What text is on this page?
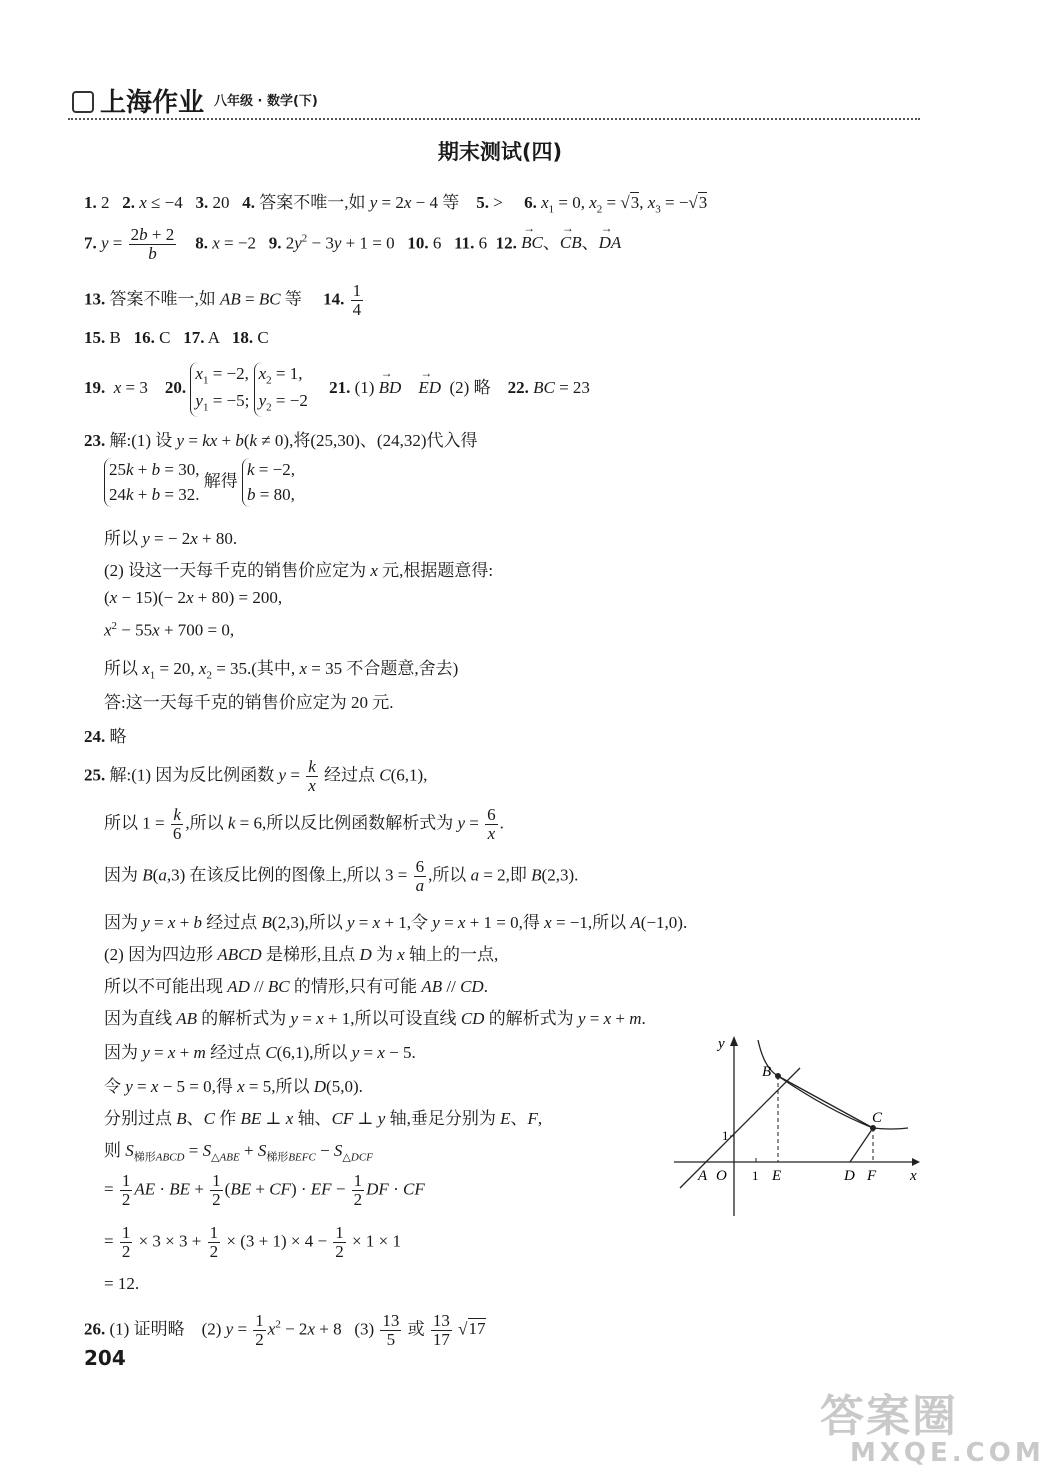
上海作业 八年级 · 数学(下)
期末测试(四)
1. 2   2. x ≤ −4   3. 20   4. 答案不唯一,如 y = 2x − 4 等    5. >     6. $x_1 = 0$, $x_2 = √3$, $x_3 = -√3$
7. $y = \frac{2b + 2}{b} 8$. x = −2   9. $2y^2 - 3y + 1 = 0$   10. 6   11. 6  12. → BC、→ CB、→ DA
13. 答案不唯一,如 AB = BC 等     14. $\frac{1}{4}$
15. B   16. C   17. A   18. C
19. x = 3    20. $x_1 = -2$,
$y_1 = -5$; $x_2 = 1$,
$y_2 = -2$     21. (1) → BD → ED  (2) 略    22. BC = 23
23. 解:(1) 设 y = kx + b(k ≠ 0),将(25,30)、(24,32)代入得
25k + b = 30,
24k + b = 32. 解得 k = −2,
b = 80,
所以 y = − 2x + 80.
(2) 设这一天每千克的销售价应定为 x 元,根据题意得:
(x − 15)(− 2x + 80) = 200,
$x^2 - 55x + 700 = 0$,
所以 $x_1 = 20$, $x_2 = 35$.(其中, x = 35 不合题意,舍去)
答:这一天每千克的销售价应定为 20 元.
24. 略
25. 解:(1) 因为反比例函数 $y = \frac{k}{x}$ 经过点 C(6,1),
所以 $1 = \frac{k}{6}$ ,所以 k = 6,所以反比例函数解析式为 $y = \frac{6}{x}$ .
因为 B(a,3) 在该反比例的图像上,所以 $3 = \frac{6}{a}$ ,所以 a = 2,即 B(2,3).
因为 y = x + b 经过点 B(2,3),所以 y = x + 1,令 y = x + 1 = 0,得 x = −1,所以 A(−1,0).
(2) 因为四边形 ABCD 是梯形,且点 D 为 x 轴上的一点,
所以不可能出现 AD // BC 的情形,只有可能 AB // CD.
因为直线 AB 的解析式为 y = x + 1,所以可设直线 CD 的解析式为 y = x + m.
因为 y = x + m 经过点 C(6,1),所以 y = x − 5.
令 y = x − 5 = 0,得 x = 5,所以 D(5,0).
分别过点 B、C 作 BE ⊥ x 轴、CF ⊥ y 轴,垂足分别为 E、F,
则 $S_{梯形ABCD} = S_{\triangle ABE} + S_{梯形BEFC} - S_{\triangle DCF}$
= $\frac{1}{2}$ AE · BE + $\frac{1}{2} (BE + CF)$ · EF − $\frac{1}{2}$ DF · CF
= $\frac{1}{2} \times 3 \times 3 + \frac{1}{2} \times (3 + 1) \times 4 - \frac{1}{2} \times 1 \times 1$
= 12.
26. (1) 证明略    (2) $y = \frac{1}{2} x^2 - 2x + 8$   $(3) \frac{13}{5}$ 或 $\frac{13}{17} √17$
y
x
A O 1
1
E	D F
B
C
204
答案圈
MXQE.COM
